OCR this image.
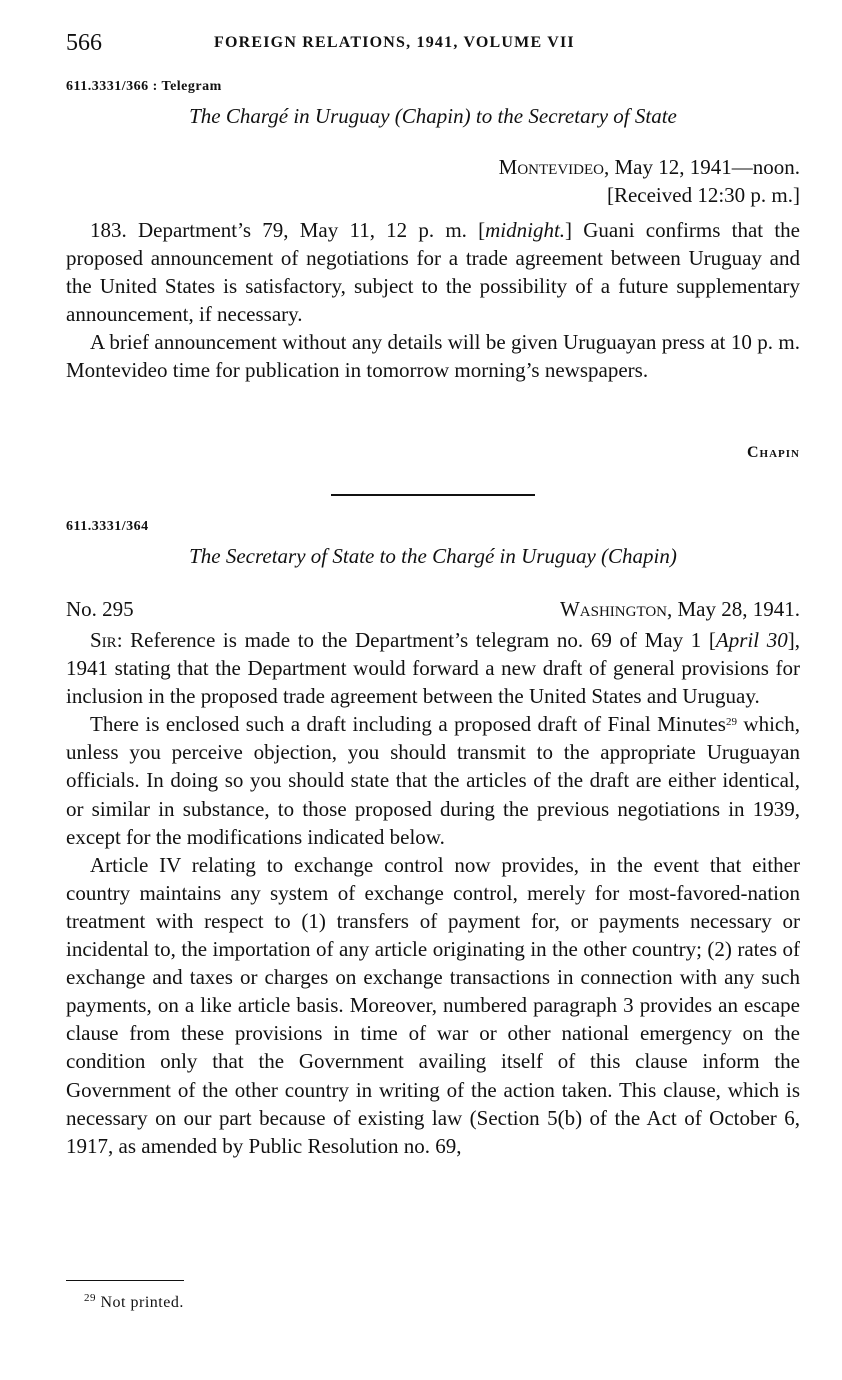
566	FOREIGN RELATIONS, 1941, VOLUME VII
611.3331/366 : Telegram
The Chargé in Uruguay (Chapin) to the Secretary of State
Montevideo, May 12, 1941—noon.
[Received 12:30 p. m.]

183. Department’s 79, May 11, 12 p. m. [midnight.] Guani confirms that the proposed announcement of negotiations for a trade agreement between Uruguay and the United States is satisfactory, subject to the possibility of a future supplementary announcement, if necessary.

A brief announcement without any details will be given Uruguayan press at 10 p. m. Montevideo time for publication in tomorrow morning’s newspapers.

Chapin
611.3331/364
The Secretary of State to the Chargé in Uruguay (Chapin)
No. 295	Washington, May 28, 1941.

Sir: Reference is made to the Department’s telegram no. 69 of May 1 [April 30], 1941 stating that the Department would forward a new draft of general provisions for inclusion in the proposed trade agreement between the United States and Uruguay.

There is enclosed such a draft including a proposed draft of Final Minutes$^{29}$ which, unless you perceive objection, you should transmit to the appropriate Uruguayan officials. In doing so you should state that the articles of the draft are either identical, or similar in substance, to those proposed during the previous negotiations in 1939, except for the modifications indicated below.

Article IV relating to exchange control now provides, in the event that either country maintains any system of exchange control, merely for most-favored-nation treatment with respect to (1) transfers of payment for, or payments necessary or incidental to, the importation of any article originating in the other country; (2) rates of exchange and taxes or charges on exchange transactions in connection with any such payments, on a like article basis. Moreover, numbered paragraph 3 provides an escape clause from these provisions in time of war or other national emergency on the condition only that the Government availing itself of this clause inform the Government of the other country in writing of the action taken. This clause, which is necessary on our part because of existing law (Section 5(b) of the Act of October 6, 1917, as amended by Public Resolution no. 69,

$^{29}$ Not printed.
